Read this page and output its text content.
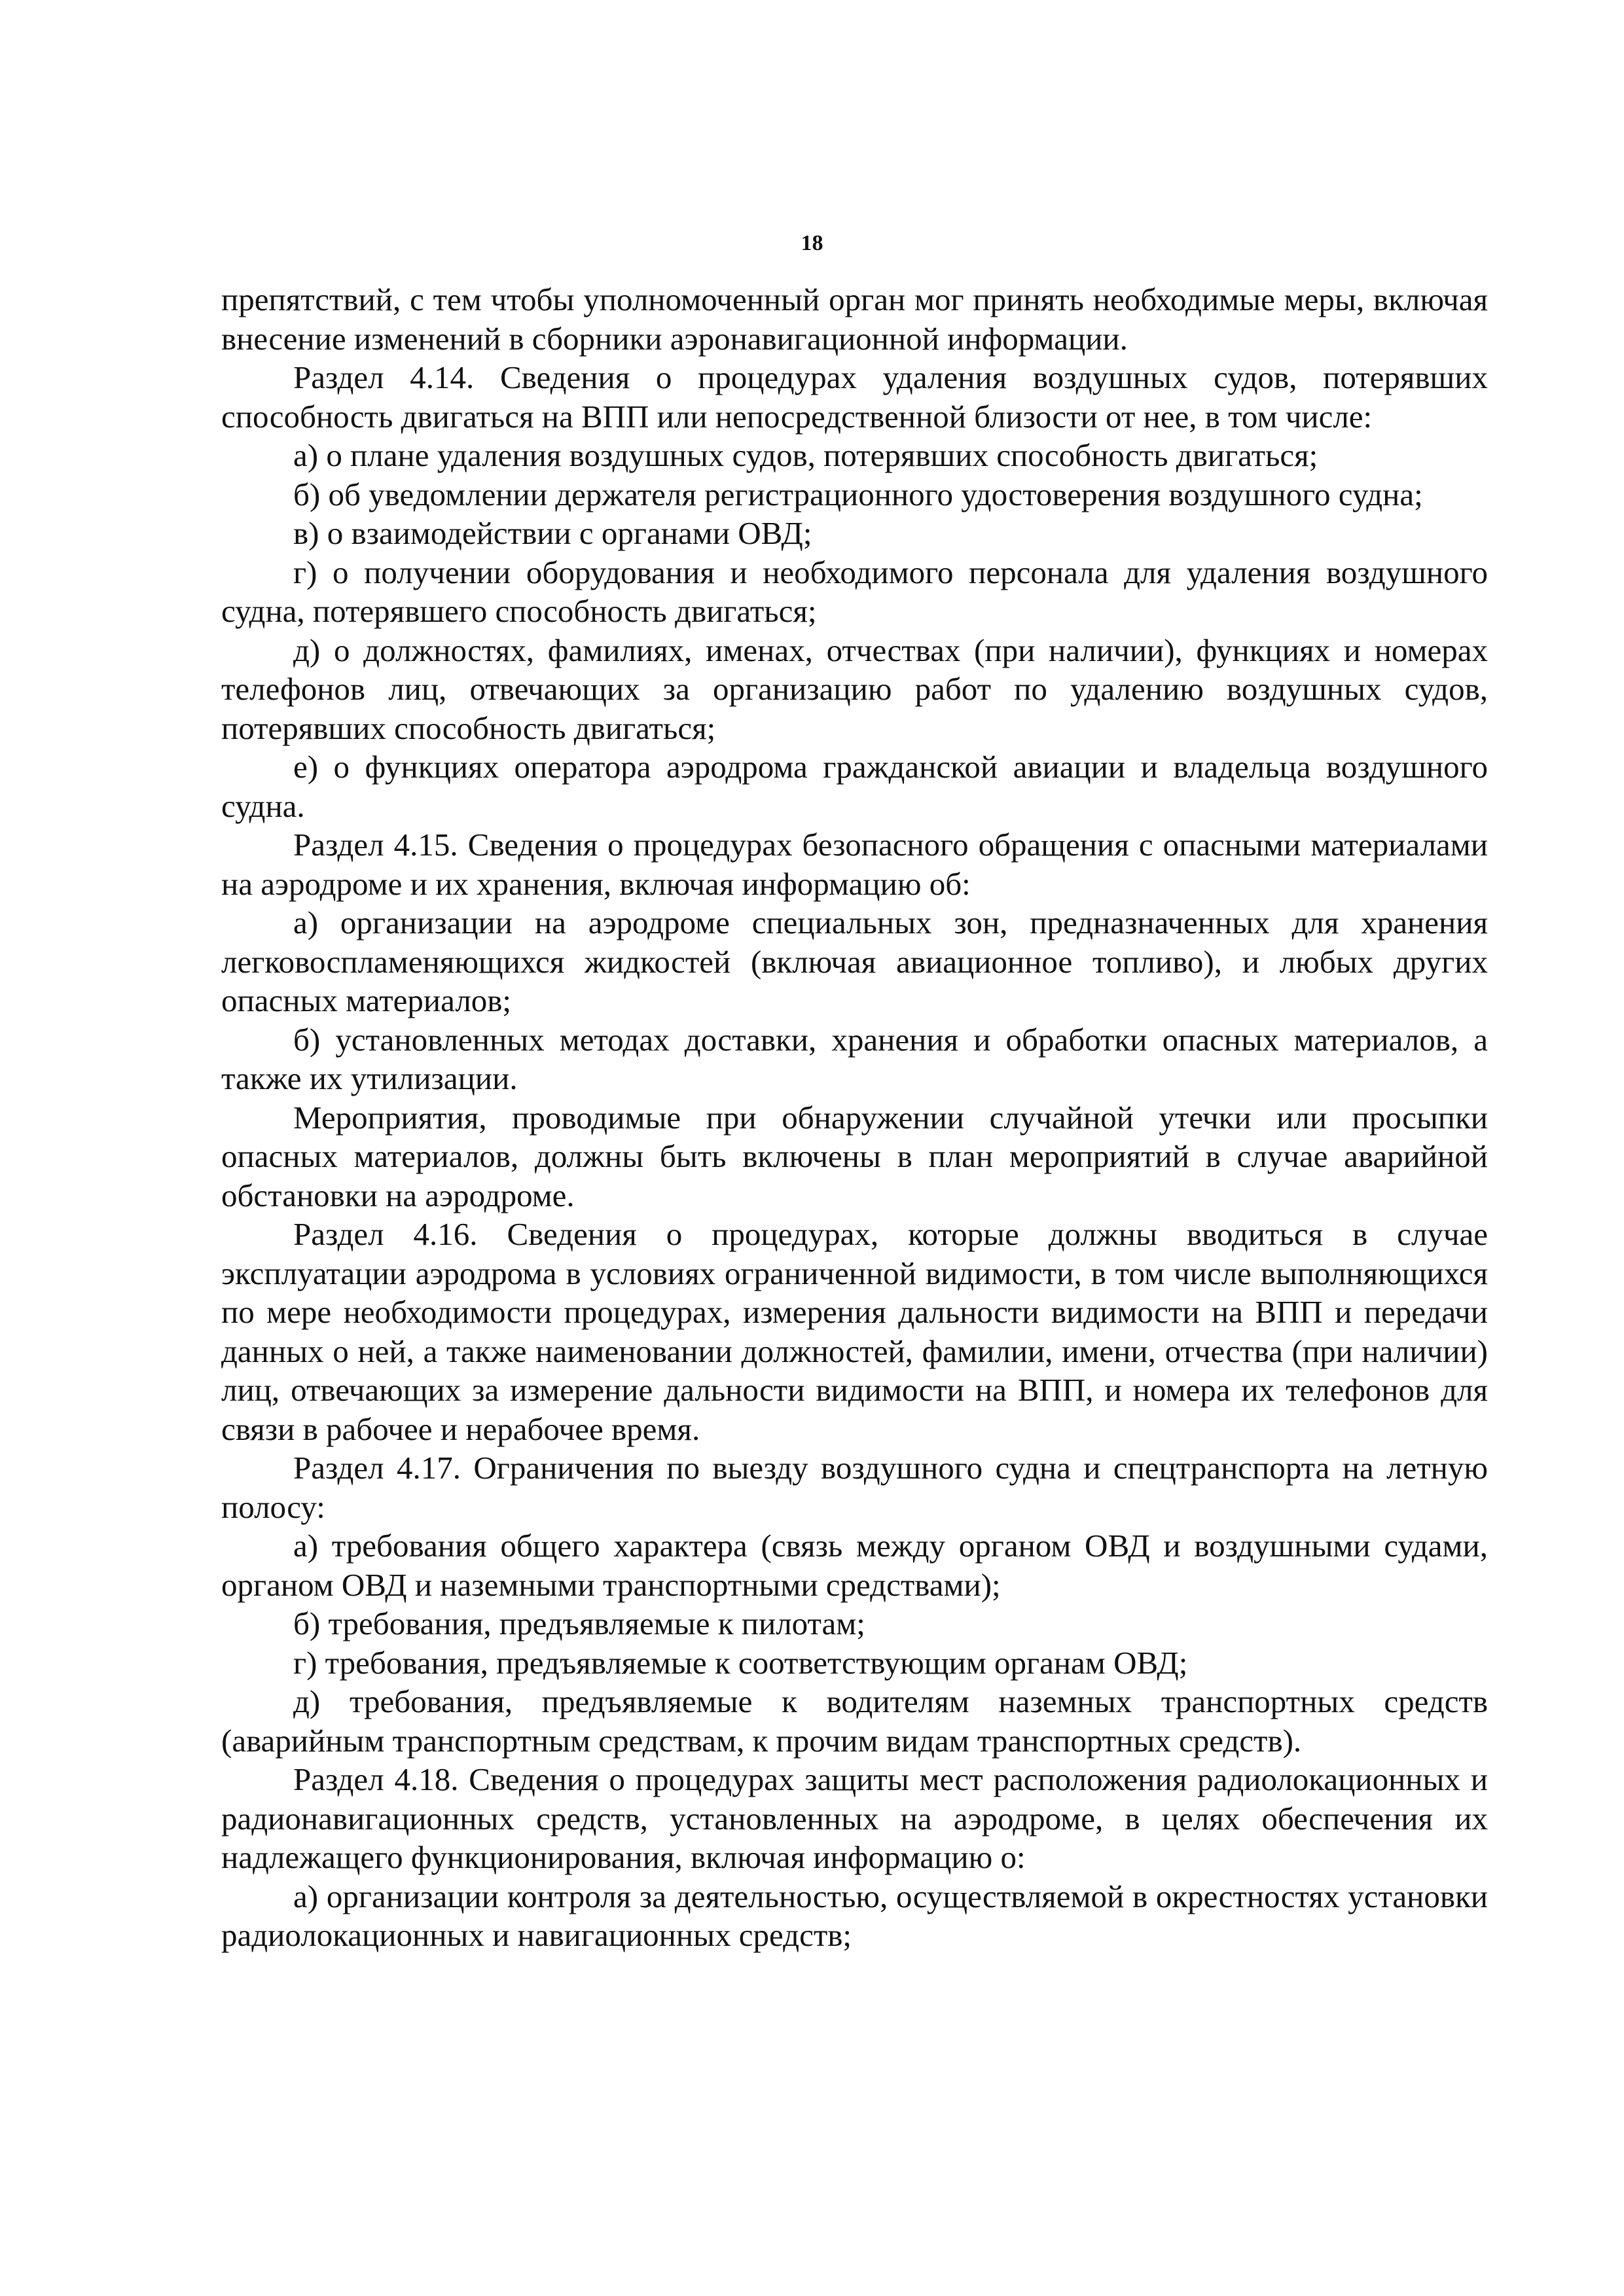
18

препятствий, с тем чтобы уполномоченный орган мог принять необходимые меры, включая внесение изменений в сборники аэронавигационной информации.

Раздел 4.14. Сведения о процедурах удаления воздушных судов, потерявших способность двигаться на ВПП или непосредственной близости от нее, в том числе:

а) о плане удаления воздушных судов, потерявших способность двигаться;

б) об уведомлении держателя регистрационного удостоверения воздушного судна;

в) о взаимодействии с органами ОВД;

г) о получении оборудования и необходимого персонала для удаления воздушного судна, потерявшего способность двигаться;

д) о должностях, фамилиях, именах, отчествах (при наличии), функциях и номерах телефонов лиц, отвечающих за организацию работ по удалению воздушных судов, потерявших способность двигаться;

е) о функциях оператора аэродрома гражданской авиации и владельца воздушного судна.

Раздел 4.15. Сведения о процедурах безопасного обращения с опасными материалами на аэродроме и их хранения, включая информацию об:

а) организации на аэродроме специальных зон, предназначенных для хранения легковоспламеняющихся жидкостей (включая авиационное топливо), и любых других опасных материалов;

б) установленных методах доставки, хранения и обработки опасных материалов, а также их утилизации.

Мероприятия, проводимые при обнаружении случайной утечки или просыпки опасных материалов, должны быть включены в план мероприятий в случае аварийной обстановки на аэродроме.

Раздел 4.16. Сведения о процедурах, которые должны вводиться в случае эксплуатации аэродрома в условиях ограниченной видимости, в том числе выполняющихся по мере необходимости процедурах, измерения дальности видимости на ВПП и передачи данных о ней, а также наименовании должностей, фамилии, имени, отчества (при наличии) лиц, отвечающих за измерение дальности видимости на ВПП, и номера их телефонов для связи в рабочее и нерабочее время.

Раздел 4.17. Ограничения по выезду воздушного судна и спецтранспорта на летную полосу:

а) требования общего характера (связь между органом ОВД и воздушными судами, органом ОВД и наземными транспортными средствами);

б) требования, предъявляемые к пилотам;

г) требования, предъявляемые к соответствующим органам ОВД;

д) требования, предъявляемые к водителям наземных транспортных средств (аварийным транспортным средствам, к прочим видам транспортных средств).

Раздел 4.18. Сведения о процедурах защиты мест расположения радиолокационных и радионавигационных средств, установленных на аэродроме, в целях обеспечения их надлежащего функционирования, включая информацию о:

а) организации контроля за деятельностью, осуществляемой в окрестностях установки радиолокационных и навигационных средств;
